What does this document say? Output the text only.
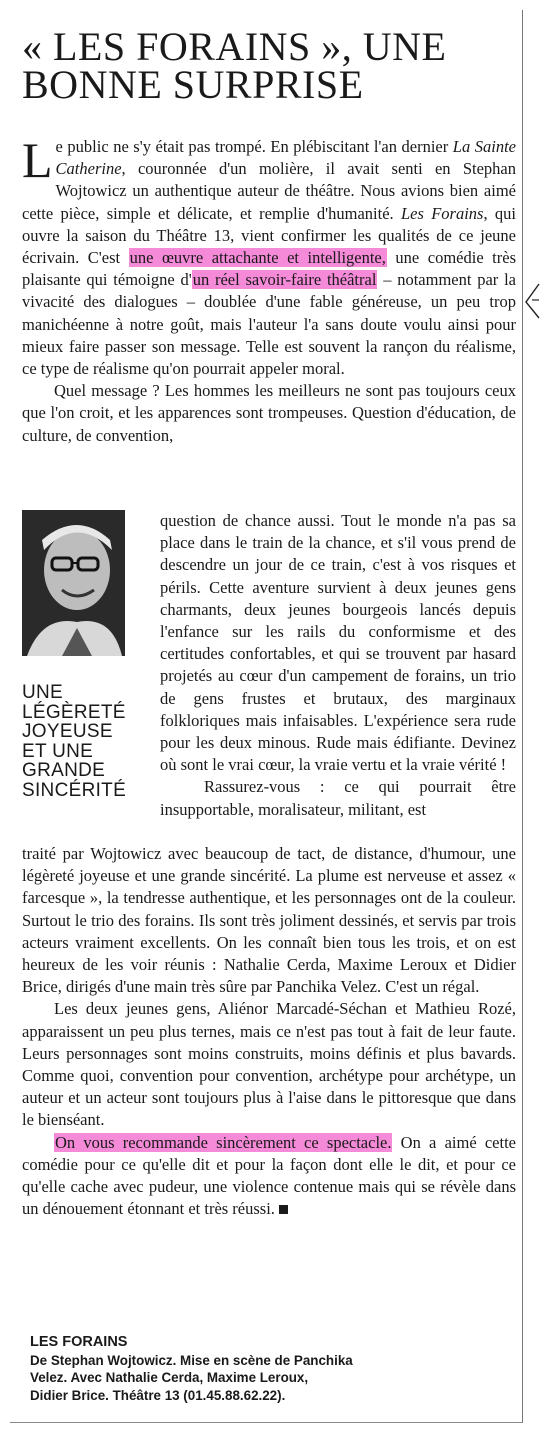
« LES FORAINS », UNE BONNE SURPRISE

Le public ne s'y était pas trompé. En plébiscitant l'an dernier La Sainte Catherine, couronnée d'un molière, il avait senti en Stephan Wojtowicz un authentique auteur de théâtre. Nous avions bien aimé cette pièce, simple et délicate, et remplie d'humanité. Les Forains, qui ouvre la saison du Théâtre 13, vient confirmer les qualités de ce jeune écrivain. C'est une œuvre attachante et intelligente, une comédie très plaisante qui témoigne d'un réel savoir-faire théâtral – notamment par la vivacité des dialogues – doublée d'une fable généreuse, un peu trop manichéenne à notre goût, mais l'auteur l'a sans doute voulu ainsi pour mieux faire passer son message. Telle est souvent la rançon du réalisme, ce type de réalisme qu'on pourrait appeler moral.

Quel message ? Les hommes les meilleurs ne sont pas toujours ceux que l'on croit, et les apparences sont trompeuses. Question d'éducation, de culture, de convention,

UNE
LÉGÈRETÉ
JOYEUSE
ET UNE
GRANDE
SINCÉRITÉ

question de chance aussi. Tout le monde n'a pas sa place dans le train de la chance, et s'il vous prend de descendre un jour de ce train, c'est à vos risques et périls. Cette aventure survient à deux jeunes gens charmants, deux jeunes bourgeois lancés depuis l'enfance sur les rails du conformisme et des certitudes confortables, et qui se trouvent par hasard projetés au cœur d'un campement de forains, un trio de gens frustes et brutaux, des marginaux folkloriques mais infaisables. L'expérience sera rude pour les deux minous. Rude mais édifiante. Devinez où sont le vrai cœur, la vraie vertu et la vraie vérité !

Rassurez-vous : ce qui pourrait être insupportable, moralisateur, militant, est

traité par Wojtowicz avec beaucoup de tact, de distance, d'humour, une légèreté joyeuse et une grande sincérité. La plume est nerveuse et assez « farcesque », la tendresse authentique, et les personnages ont de la couleur. Surtout le trio des forains. Ils sont très joliment dessinés, et servis par trois acteurs vraiment excellents. On les connaît bien tous les trois, et on est heureux de les voir réunis : Nathalie Cerda, Maxime Leroux et Didier Brice, dirigés d'une main très sûre par Panchika Velez. C'est un régal.

Les deux jeunes gens, Aliénor Marcadé-Séchan et Mathieu Rozé, apparaissent un peu plus ternes, mais ce n'est pas tout à fait de leur faute. Leurs personnages sont moins construits, moins définis et plus bavards. Comme quoi, convention pour convention, archétype pour archétype, un auteur et un acteur sont toujours plus à l'aise dans le pittoresque que dans le bienséant.

On vous recommande sincèrement ce spectacle. On a aimé cette comédie pour ce qu'elle dit et pour la façon dont elle le dit, et pour ce qu'elle cache avec pudeur, une violence contenue mais qui se révèle dans un dénouement étonnant et très réussi.

LES FORAINS
De Stephan Wojtowicz. Mise en scène de Panchika
Velez. Avec Nathalie Cerda, Maxime Leroux,
Didier Brice. Théâtre 13 (01.45.88.62.22).
